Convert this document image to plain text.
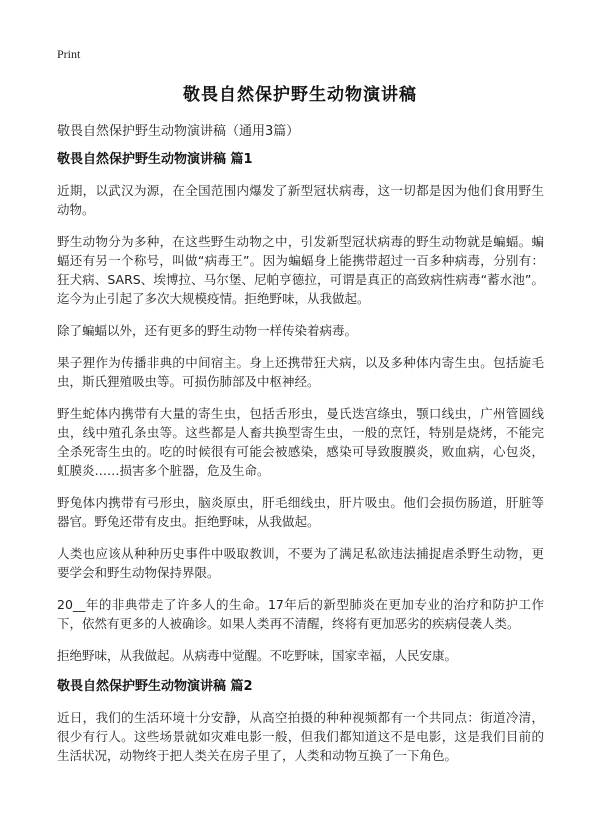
Print
敬畏自然保护野生动物演讲稿
敬畏自然保护野生动物演讲稿（通用3篇）
敬畏自然保护野生动物演讲稿 篇1

近期，以武汉为源，在全国范围内爆发了新型冠状病毒，这一切都是因为他们食用野生动物。

野生动物分为多种，在这些野生动物之中，引发新型冠状病毒的野生动物就是蝙蝠。蝙蝠还有另一个称号，叫做“病毒王”。因为蝙蝠身上能携带超过一百多种病毒，分别有：狂犬病、SARS、埃博拉、马尔堡、尼帕亨德拉，可谓是真正的高致病性病毒“蓄水池”。迄今为止引起了多次大规模疫情。拒绝野味，从我做起。

除了蝙蝠以外，还有更多的野生动物一样传染着病毒。

果子狸作为传播非典的中间宿主。身上还携带狂犬病，以及多种体内寄生虫。包括旋毛虫，斯氏狸殖吸虫等。可损伤肺部及中枢神经。

野生蛇体内携带有大量的寄生虫，包括舌形虫，曼氏迭宫绦虫，颚口线虫，广州管圆线虫，线中殖孔条虫等。这些都是人畜共换型寄生虫，一般的烹饪，特别是烧烤，不能完全杀死寄生虫的。吃的时候很有可能会被感染，感染可导致腹膜炎，败血病，心包炎，虹膜炎……损害多个脏器，危及生命。

野兔体内携带有弓形虫，脑炎原虫，肝毛细线虫，肝片吸虫。他们会损伤肠道，肝脏等器官。野兔还带有皮虫。拒绝野味，从我做起。

人类也应该从种种历史事件中吸取教训，不要为了满足私欲违法捕捉虐杀野生动物，更要学会和野生动物保持界限。

20__年的非典带走了许多人的生命。17年后的新型肺炎在更加专业的治疗和防护工作下，依然有更多的人被确诊。如果人类再不清醒，终将有更加恶劣的疾病侵袭人类。

拒绝野味，从我做起。从病毒中觉醒。不吃野味，国家幸福，人民安康。

敬畏自然保护野生动物演讲稿 篇2

近日，我们的生活环境十分安静，从高空拍摄的种种视频都有一个共同点：街道冷清，很少有行人。这些场景就如灾难电影一般，但我们都知道这不是电影，这是我们目前的生活状况，动物终于把人类关在房子里了，人类和动物互换了一下角色。
